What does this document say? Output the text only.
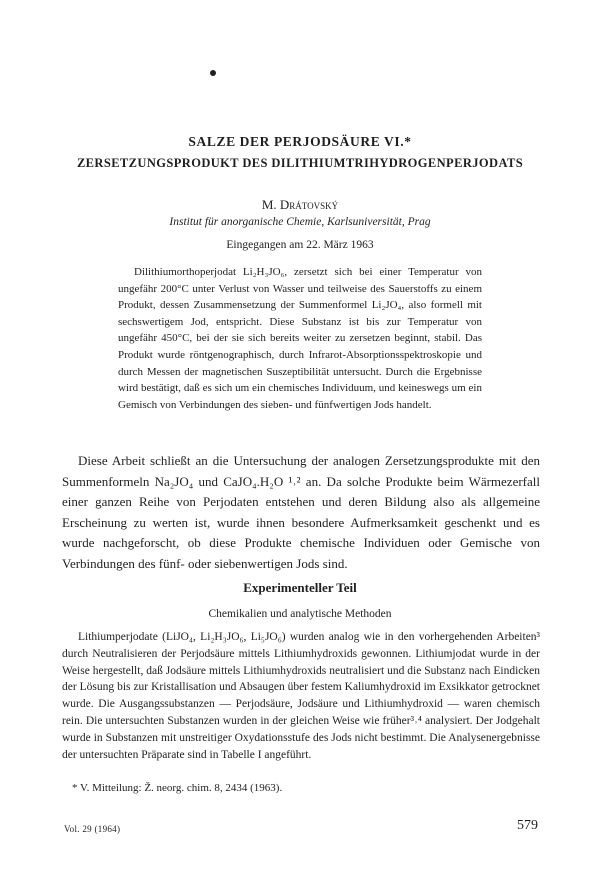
SALZE DER PERJODSÄURE VI.*
ZERSETZUNGSPRODUKT DES DILITHIUMTRIHYDROGENPERJODATS
M. Drátovský
Institut für anorganische Chemie, Karlsuniversität, Prag
Eingegangen am 22. März 1963

Dilithiumorthoperjodat Li₂H₃JO₆, zersetzt sich bei einer Temperatur von ungefähr 200°C unter Verlust von Wasser und teilweise des Sauerstoffs zu einem Produkt, dessen Zusammensetzung der Summenformel Li₂JO₄, also formell mit sechswertigem Jod, entspricht. Diese Substanz ist bis zur Temperatur von ungefähr 450°C, bei der sie sich bereits weiter zu zersetzen beginnt, stabil. Das Produkt wurde röntgenographisch, durch Infrarot-Absorptionsspektroskopie und durch Messen der magnetischen Suszeptibilität untersucht. Durch die Ergebnisse wird bestätigt, daß es sich um ein chemisches Individuum, und keineswegs um ein Gemisch von Verbindungen des sieben- und fünfwertigen Jods handelt.

Diese Arbeit schließt an die Untersuchung der analogen Zersetzungsprodukte mit den Summenformeln Na₂JO₄ und CaJO₄.H₂O ¹˒² an. Da solche Produkte beim Wärmezerfall einer ganzen Reihe von Perjodaten entstehen und deren Bildung also als allgemeine Erscheinung zu werten ist, wurde ihnen besondere Aufmerksamkeit geschenkt und es wurde nachgeforscht, ob diese Produkte chemische Individuen oder Gemische von Verbindungen des fünf- oder siebenwertigen Jods sind.

Experimenteller Teil
Chemikalien und analytische Methoden

Lithiumperjodate (LiJO₄, Li₂H₃JO₆, Li₅JO₆) wurden analog wie in den vorhergehenden Arbeiten³ durch Neutralisieren der Perjodsäure mittels Lithiumhydroxids gewonnen. Lithiumjodat wurde in der Weise hergestellt, daß Jodsäure mittels Lithiumhydroxids neutralisiert und die Substanz nach Eindicken der Lösung bis zur Kristallisation und Absaugen über festem Kaliumhydroxid im Exsikkator getrocknet wurde. Die Ausgangssubstanzen — Perjodsäure, Jodsäure und Lithiumhydroxid — waren chemisch rein. Die untersuchten Substanzen wurden in der gleichen Weise wie früher³˒⁴ analysiert. Der Jodgehalt wurde in Substanzen mit unstreitiger Oxydationsstufe des Jods nicht bestimmt. Die Analysenergebnisse der untersuchten Präparate sind in Tabelle I angeführt.

* V. Mitteilung: Ž. neorg. chim. 8, 2434 (1963).
Vol. 29 (1964)	579
